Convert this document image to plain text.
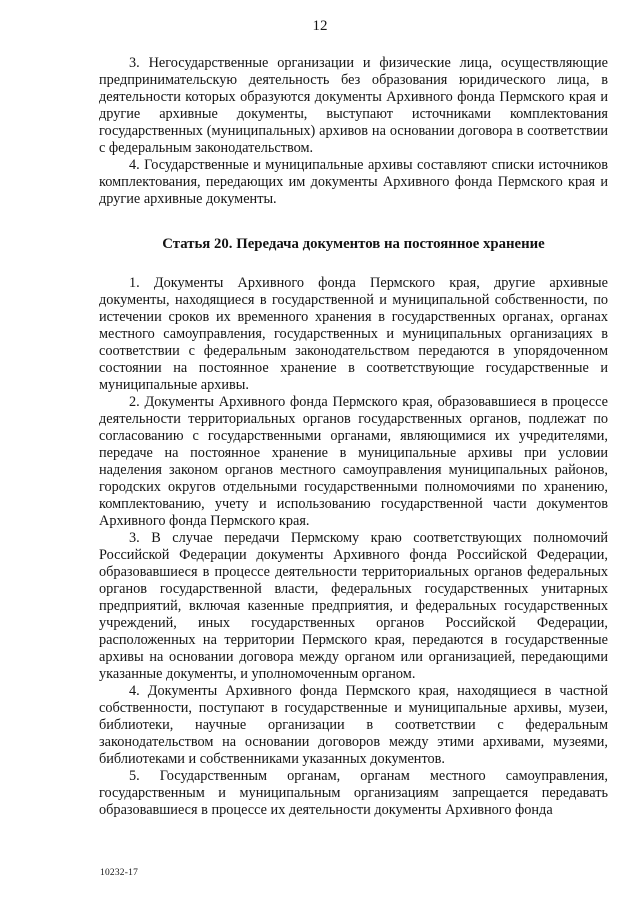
12

3. Негосударственные организации и физические лица, осуществляющие предпринимательскую деятельность без образования юридического лица, в деятельности которых образуются документы Архивного фонда Пермского края и другие архивные документы, выступают источниками комплектования государственных (муниципальных) архивов на основании договора в соответствии с федеральным законодательством.

4. Государственные и муниципальные архивы составляют списки источников комплектования, передающих им документы Архивного фонда Пермского края и другие архивные документы.

Статья 20. Передача документов на постоянное хранение

1. Документы Архивного фонда Пермского края, другие архивные документы, находящиеся в государственной и муниципальной собственности, по истечении сроков их временного хранения в государственных органах, органах местного самоуправления, государственных и муниципальных организациях в соответствии с федеральным законодательством передаются в упорядоченном состоянии на постоянное хранение в соответствующие государственные и муниципальные архивы.

2. Документы Архивного фонда Пермского края, образовавшиеся в процессе деятельности территориальных органов государственных органов, подлежат по согласованию с государственными органами, являющимися их учредителями, передаче на постоянное хранение в муниципальные архивы при условии наделения законом органов местного самоуправления муниципальных районов, городских округов отдельными государственными полномочиями по хранению, комплектованию, учету и использованию государственной части документов Архивного фонда Пермского края.

3. В случае передачи Пермскому краю соответствующих полномочий Российской Федерации документы Архивного фонда Российской Федерации, образовавшиеся в процессе деятельности территориальных органов федеральных органов государственной власти, федеральных государственных унитарных предприятий, включая казенные предприятия, и федеральных государственных учреждений, иных государственных органов Российской Федерации, расположенных на территории Пермского края, передаются в государственные архивы на основании договора между органом или организацией, передающими указанные документы, и уполномоченным органом.

4. Документы Архивного фонда Пермского края, находящиеся в частной собственности, поступают в государственные и муниципальные архивы, музеи, библиотеки, научные организации в соответствии с федеральным законодательством на основании договоров между этими архивами, музеями, библиотеками и собственниками указанных документов.

5. Государственным органам, органам местного самоуправления, государственным и муниципальным организациям запрещается передавать образовавшиеся в процессе их деятельности документы Архивного фонда

10232-17
